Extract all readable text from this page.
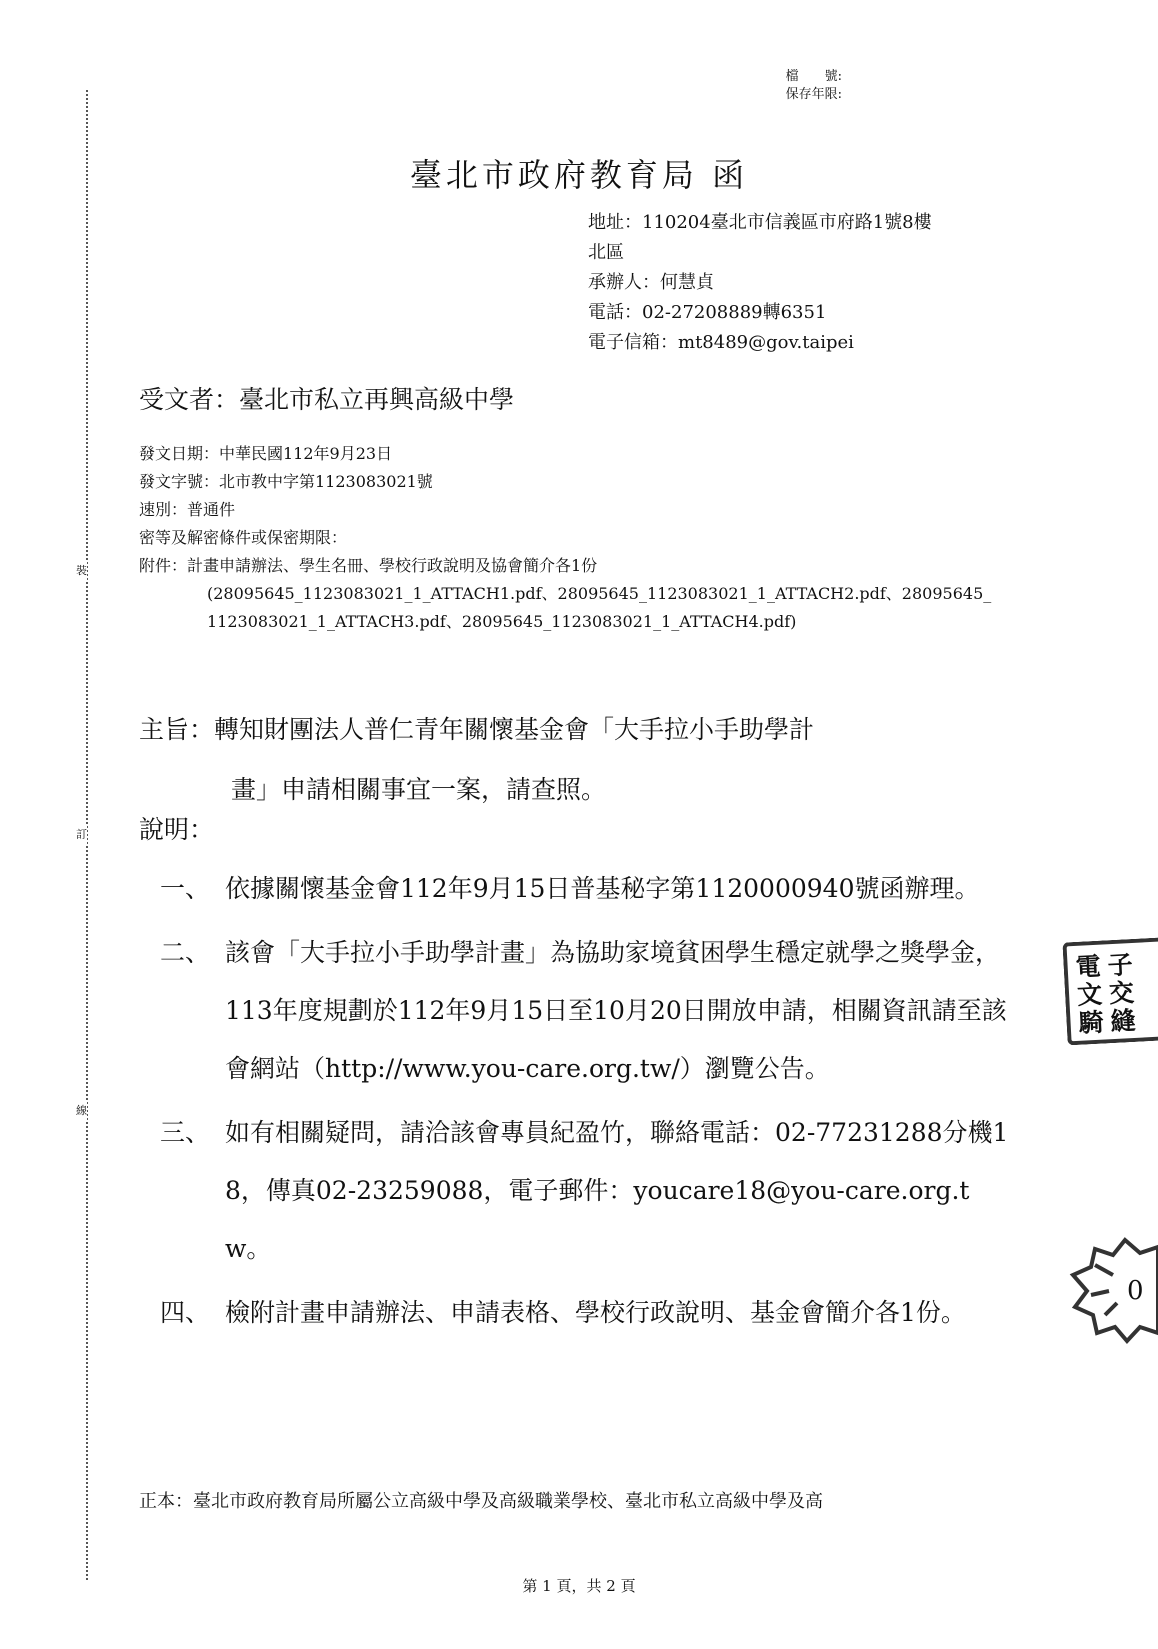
裝
訂
線
檔　　號:
保存年限:
臺北市政府教育局 函
地址：110204臺北市信義區市府路1號8樓
北區
承辦人：何慧貞
電話：02-27208889轉6351
電子信箱：mt8489@gov.taipei
受文者：臺北市私立再興高級中學
發文日期：中華民國112年9月23日
發文字號：北市教中字第1123083021號
速別：普通件
密等及解密條件或保密期限：
附件：計畫申請辦法、學生名冊、學校行政說明及協會簡介各1份
(28095645_1123083021_1_ATTACH1.pdf、28095645_1123083021_1_ATTACH2.pdf、28095645_1123083021_1_ATTACH3.pdf、28095645_1123083021_1_ATTACH4.pdf)
主旨：轉知財團法人普仁青年關懷基金會「大手拉小手助學計
畫」申請相關事宜一案，請查照。
說明：
一、 依據關懷基金會112年9月15日普基秘字第1120000940號函辦理。
二、 該會「大手拉小手助學計畫」為協助家境貧困學生穩定就學之獎學金，113年度規劃於112年9月15日至10月20日開放申請，相關資訊請至該會網站（http://www.you-care.org.tw/）瀏覽公告。
三、 如有相關疑問，請洽該會專員紀盈竹，聯絡電話：02-77231288分機18，傳真02-23259088，電子郵件：youcare18@you-care.org.tw。
四、 檢附計畫申請辦法、申請表格、學校行政說明、基金會簡介各1份。
正本：臺北市政府教育局所屬公立高級中學及高級職業學校、臺北市私立高級中學及高
第 1 頁，共 2 頁
電 子
文 交
騎 縫
0
